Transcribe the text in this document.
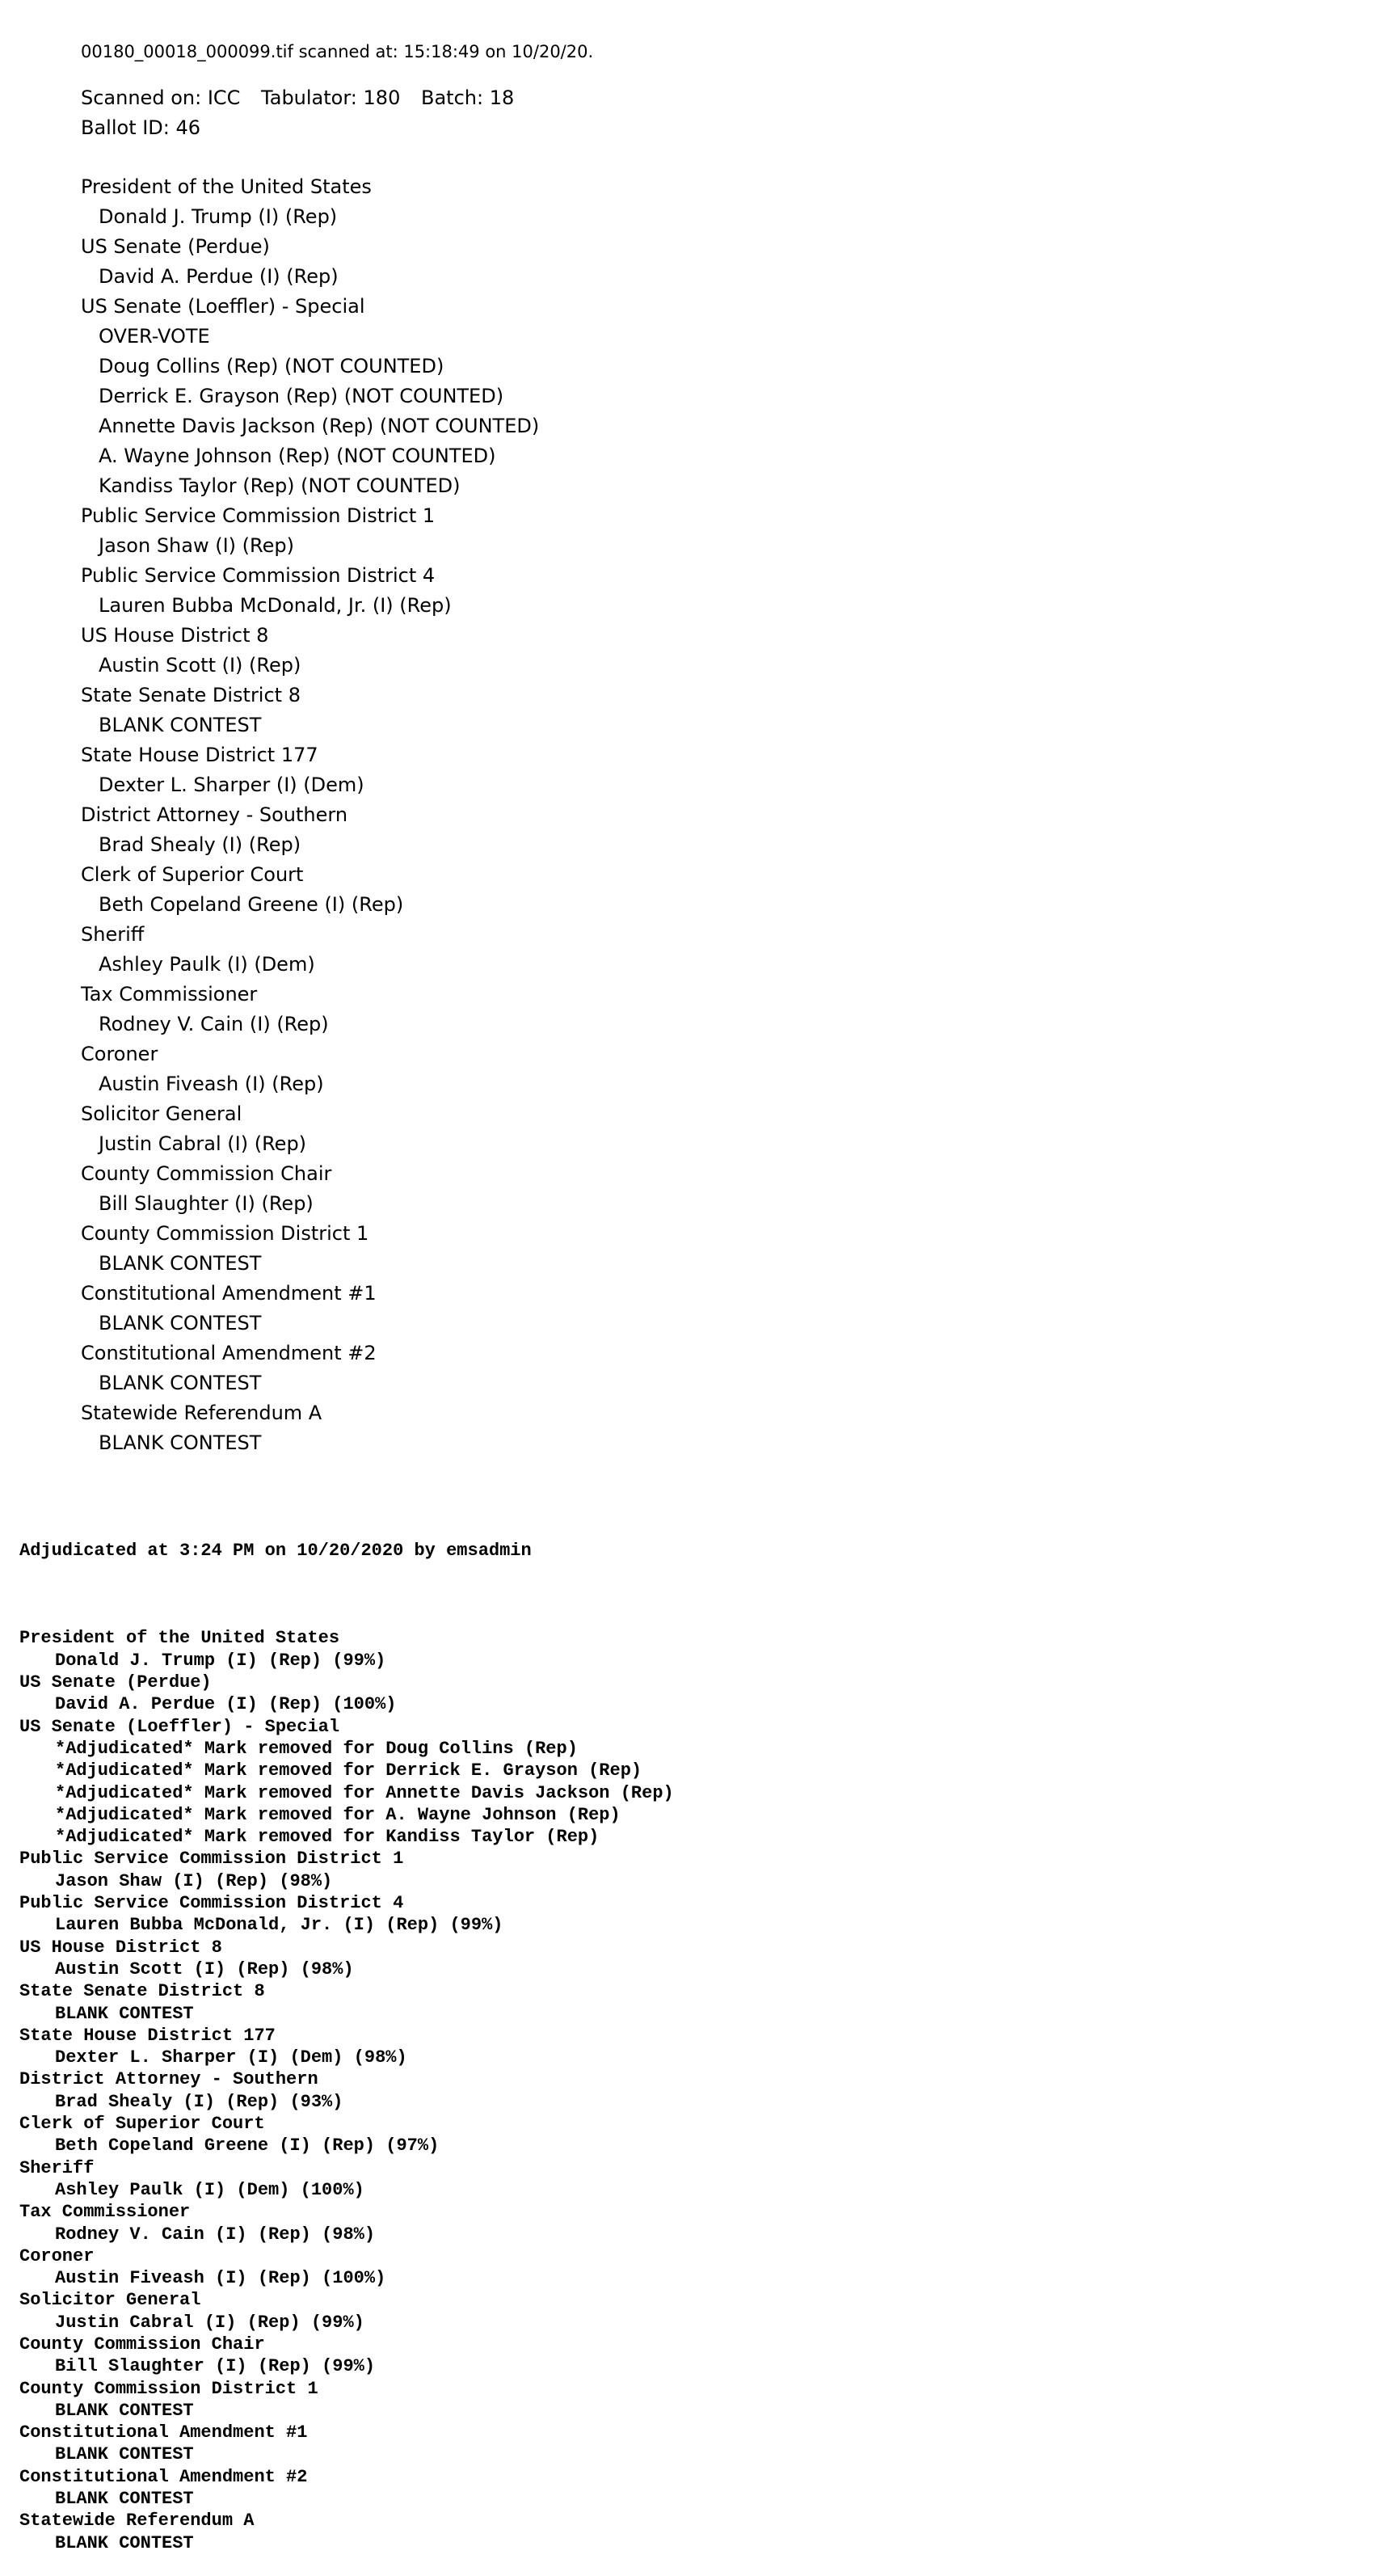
00180_00018_000099.tif scanned at: 15:18:49 on 10/20/20.
Scanned on: ICC Tabulator: 180 Batch: 18
Ballot ID: 46
President of the United States
Donald J. Trump (I) (Rep)
US Senate (Perdue)
David A. Perdue (I) (Rep)
US Senate (Loeffler) - Special
OVER-VOTE
Doug Collins (Rep) (NOT COUNTED)
Derrick E. Grayson (Rep) (NOT COUNTED)
Annette Davis Jackson (Rep) (NOT COUNTED)
A. Wayne Johnson (Rep) (NOT COUNTED)
Kandiss Taylor (Rep) (NOT COUNTED)
Public Service Commission District 1
Jason Shaw (I) (Rep)
Public Service Commission District 4
Lauren Bubba McDonald, Jr. (I) (Rep)
US House District 8
Austin Scott (I) (Rep)
State Senate District 8
BLANK CONTEST
State House District 177
Dexter L. Sharper (I) (Dem)
District Attorney - Southern
Brad Shealy (I) (Rep)
Clerk of Superior Court
Beth Copeland Greene (I) (Rep)
Sheriff
Ashley Paulk (I) (Dem)
Tax Commissioner
Rodney V. Cain (I) (Rep)
Coroner
Austin Fiveash (I) (Rep)
Solicitor General
Justin Cabral (I) (Rep)
County Commission Chair
Bill Slaughter (I) (Rep)
County Commission District 1
BLANK CONTEST
Constitutional Amendment #1
BLANK CONTEST
Constitutional Amendment #2
BLANK CONTEST
Statewide Referendum A
BLANK CONTEST

Adjudicated at 3:24 PM on 10/20/2020 by emsadmin

President of the United States
Donald J. Trump (I) (Rep) (99%)
US Senate (Perdue)
David A. Perdue (I) (Rep) (100%)
US Senate (Loeffler) - Special
*Adjudicated* Mark removed for Doug Collins (Rep)
*Adjudicated* Mark removed for Derrick E. Grayson (Rep)
*Adjudicated* Mark removed for Annette Davis Jackson (Rep)
*Adjudicated* Mark removed for A. Wayne Johnson (Rep)
*Adjudicated* Mark removed for Kandiss Taylor (Rep)
Public Service Commission District 1
Jason Shaw (I) (Rep) (98%)
Public Service Commission District 4
Lauren Bubba McDonald, Jr. (I) (Rep) (99%)
US House District 8
Austin Scott (I) (Rep) (98%)
State Senate District 8
BLANK CONTEST
State House District 177
Dexter L. Sharper (I) (Dem) (98%)
District Attorney - Southern
Brad Shealy (I) (Rep) (93%)
Clerk of Superior Court
Beth Copeland Greene (I) (Rep) (97%)
Sheriff
Ashley Paulk (I) (Dem) (100%)
Tax Commissioner
Rodney V. Cain (I) (Rep) (98%)
Coroner
Austin Fiveash (I) (Rep) (100%)
Solicitor General
Justin Cabral (I) (Rep) (99%)
County Commission Chair
Bill Slaughter (I) (Rep) (99%)
County Commission District 1
BLANK CONTEST
Constitutional Amendment #1
BLANK CONTEST
Constitutional Amendment #2
BLANK CONTEST
Statewide Referendum A
BLANK CONTEST
